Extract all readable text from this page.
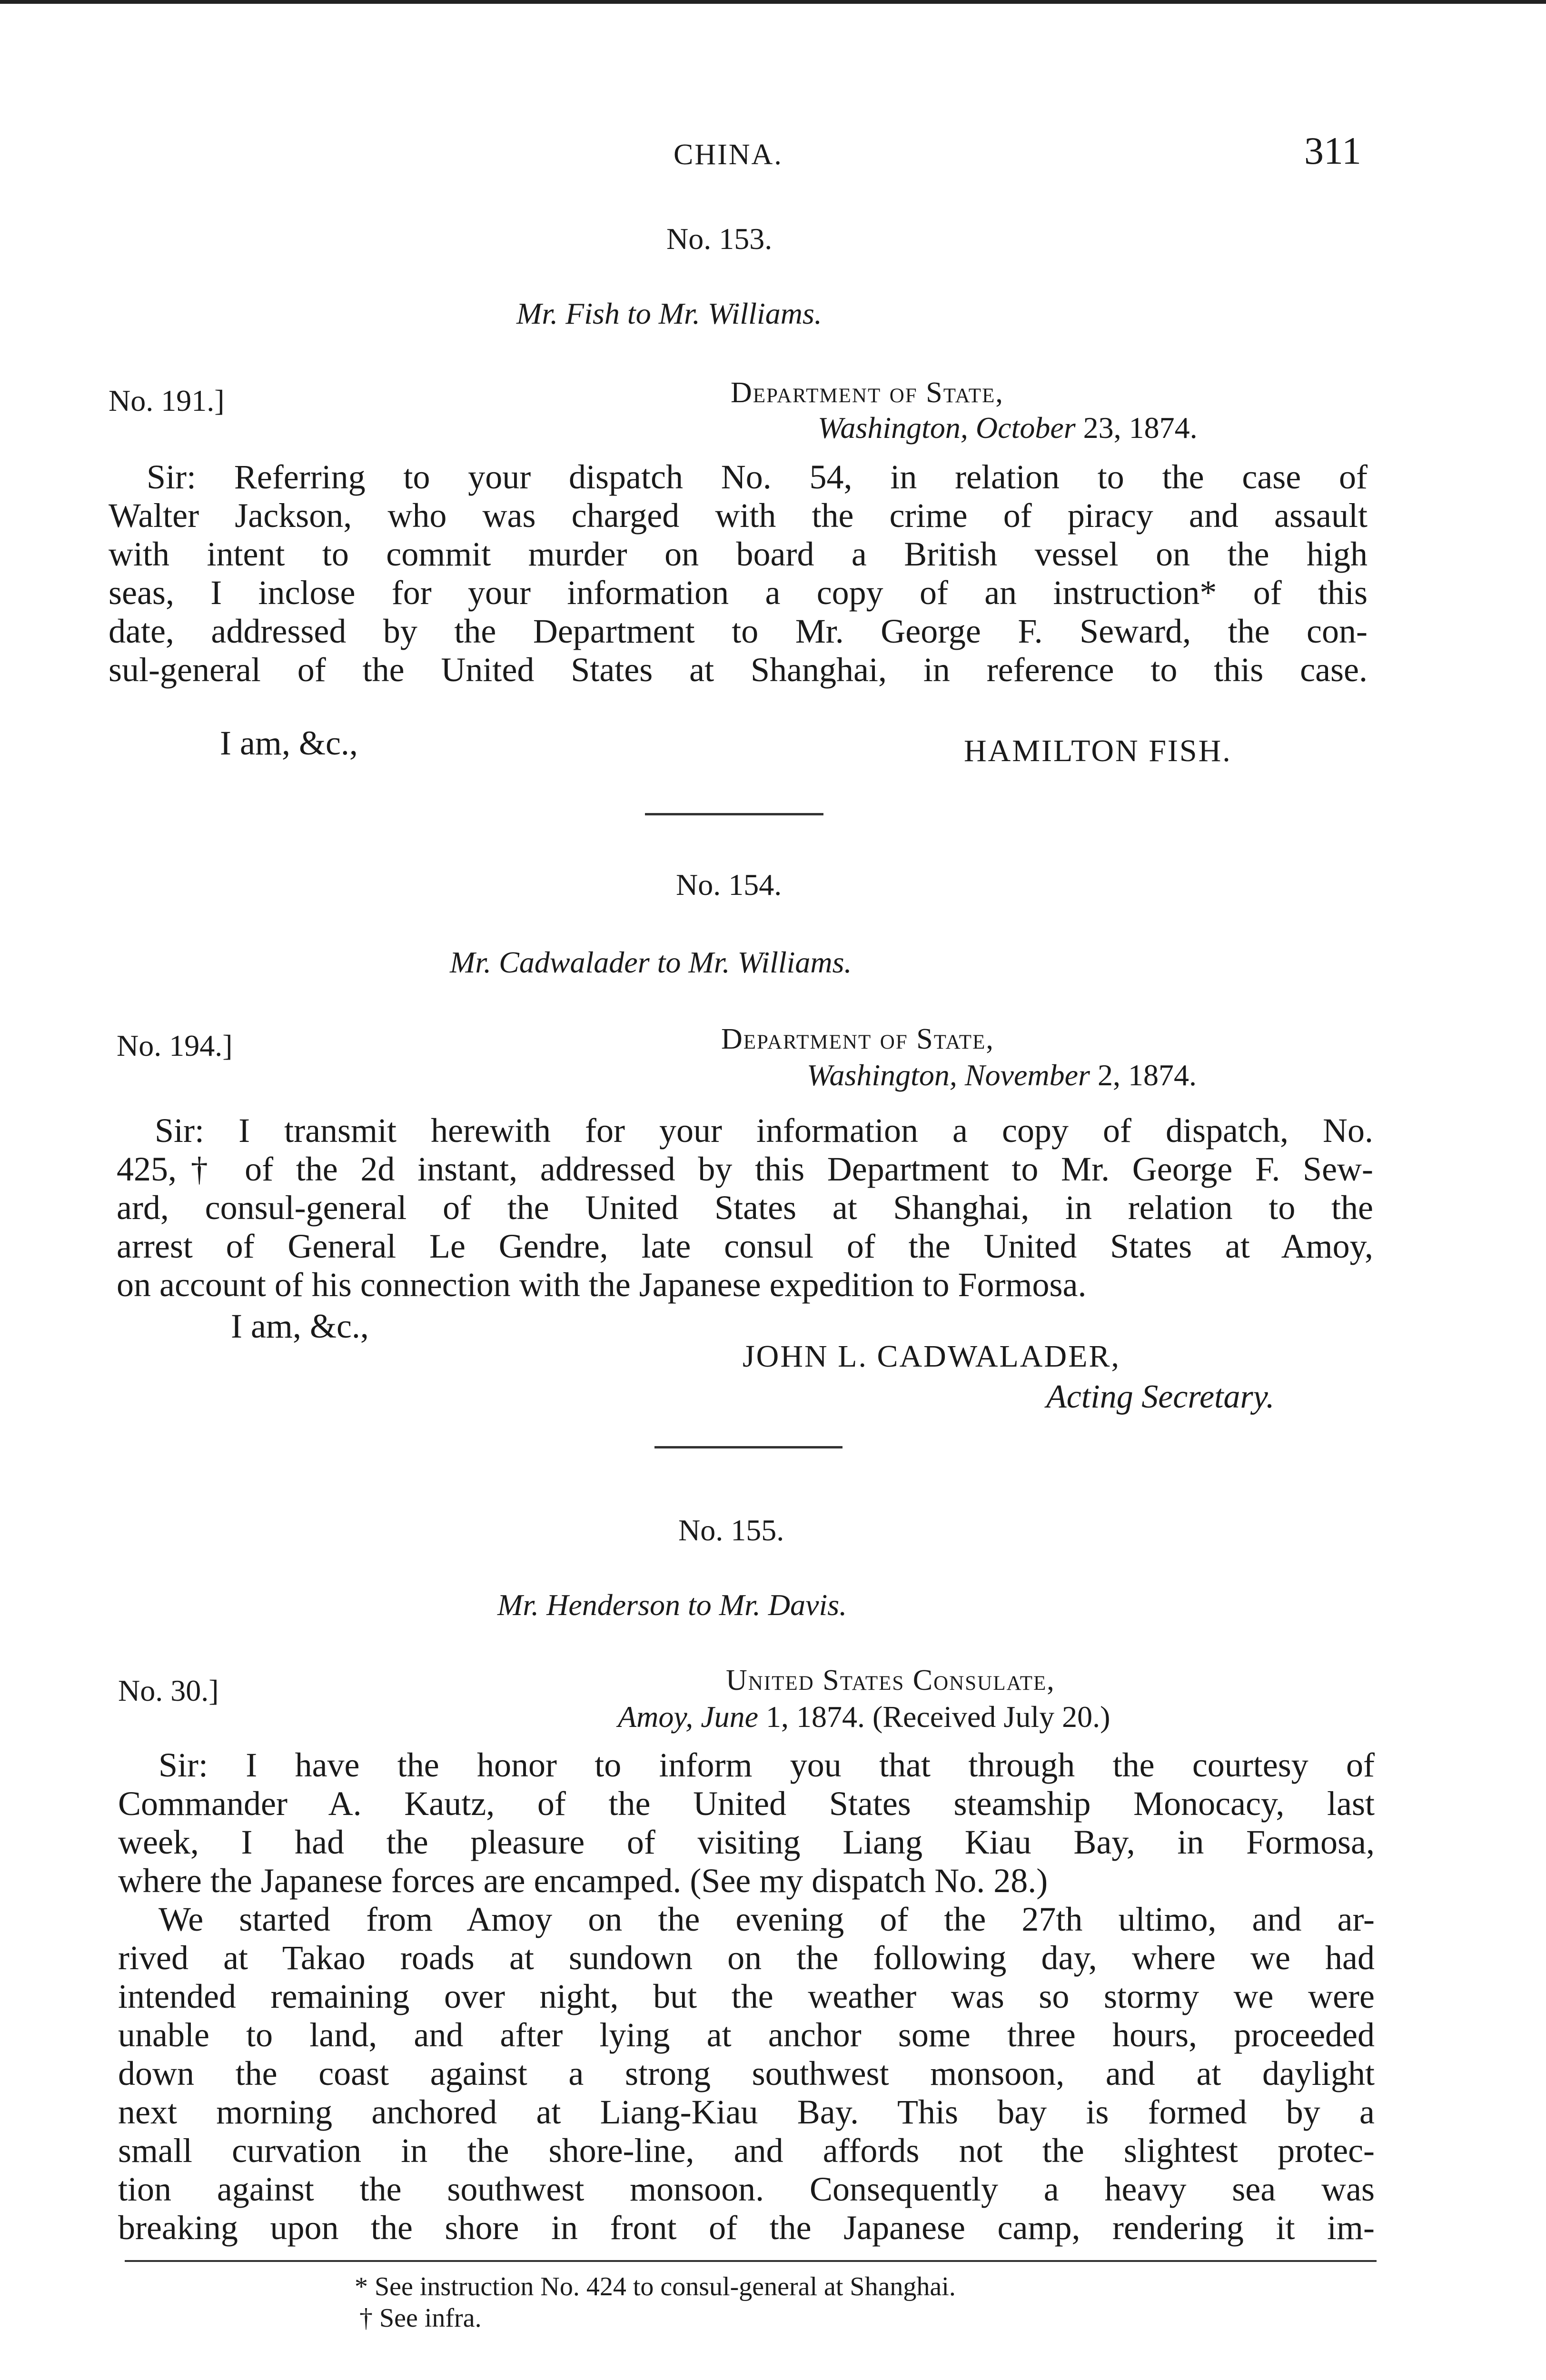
CHINA.	311
No. 153.
Mr. Fish to Mr. Williams.
No. 191.]	Department of State,
Washington, October 23, 1874.
Sir: Referring to your dispatch No. 54, in relation to the case of
Walter Jackson, who was charged with the crime of piracy and assault
with intent to commit murder on board a British vessel on the high
seas, I inclose for your information a copy of an instruction* of this
date, addressed by the Department to Mr. George F. Seward, the con-
sul-general of the United States at Shanghai, in reference to this case.
I am, &c.,	HAMILTON FISH.
No. 154.
Mr. Cadwalader to Mr. Williams.
No. 194.]	Department of State,
Washington, November 2, 1874.
Sir: I transmit herewith for your information a copy of dispatch, No.
425,† of the 2d instant, addressed by this Department to Mr. George F. Sew-
ard, consul-general of the United States at Shanghai, in relation to the
arrest of General Le Gendre, late consul of the United States at Amoy,
on account of his connection with the Japanese expedition to Formosa.
I am, &c.,
JOHN L. CADWALADER,
Acting Secretary.
No. 155.
Mr. Henderson to Mr. Davis.
No. 30.]	United States Consulate,
Amoy, June 1, 1874. (Received July 20.)
Sir: I have the honor to inform you that through the courtesy of
Commander A. Kautz, of the United States steamship Monocacy, last
week, I had the pleasure of visiting Liang Kiau Bay, in Formosa,
where the Japanese forces are encamped. (See my dispatch No. 28.)
We started from Amoy on the evening of the 27th ultimo, and ar-
rived at Takao roads at sundown on the following day, where we had
intended remaining over night, but the weather was so stormy we were
unable to land, and after lying at anchor some three hours, proceeded
down the coast against a strong southwest monsoon, and at daylight
next morning anchored at Liang-Kiau Bay. This bay is formed by a
small curvation in the shore-line, and affords not the slightest protec-
tion against the southwest monsoon. Consequently a heavy sea was
breaking upon the shore in front of the Japanese camp, rendering it im-
* See instruction No. 424 to consul-general at Shanghai.
† See infra.
